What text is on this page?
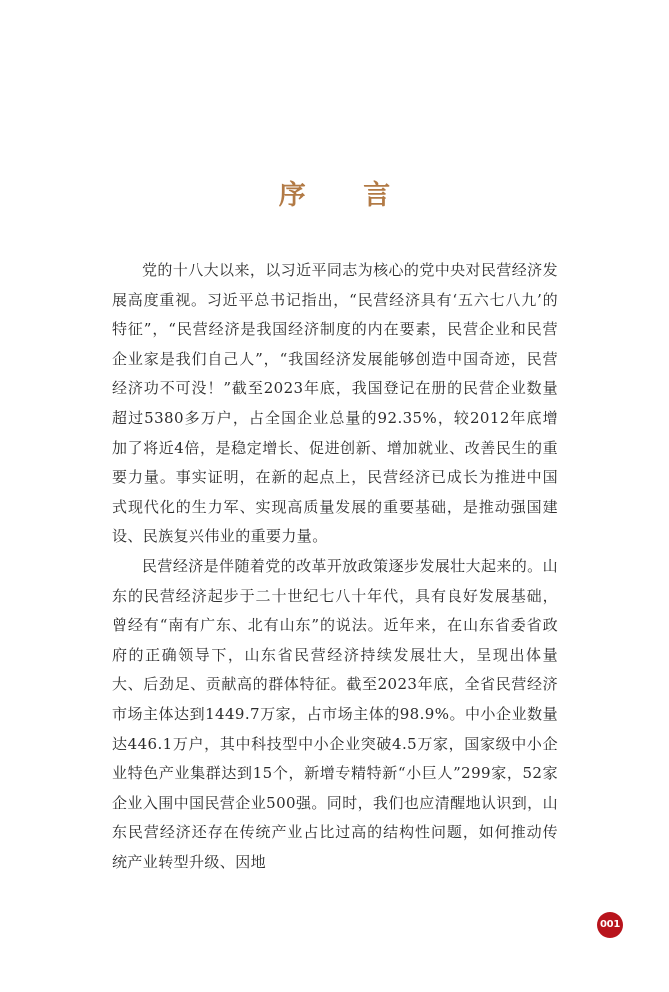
序 言

党的十八大以来，以习近平同志为核心的党中央对民营经济发展高度重视。习近平总书记指出，“民营经济具有‘五六七八九’的特征”，“民营经济是我国经济制度的内在要素，民营企业和民营企业家是我们自己人”，“我国经济发展能够创造中国奇迹，民营经济功不可没！”截至2023年底，我国登记在册的民营企业数量超过5380多万户，占全国企业总量的92.35%，较2012年底增加了将近4倍，是稳定增长、促进创新、增加就业、改善民生的重要力量。事实证明，在新的起点上，民营经济已成长为推进中国式现代化的生力军、实现高质量发展的重要基础，是推动强国建设、民族复兴伟业的重要力量。

民营经济是伴随着党的改革开放政策逐步发展壮大起来的。山东的民营经济起步于二十世纪七八十年代，具有良好发展基础，曾经有“南有广东、北有山东”的说法。近年来，在山东省委省政府的正确领导下，山东省民营经济持续发展壮大，呈现出体量大、后劲足、贡献高的群体特征。截至2023年底，全省民营经济市场主体达到1449.7万家，占市场主体的98.9%。中小企业数量达446.1万户，其中科技型中小企业突破4.5万家，国家级中小企业特色产业集群达到15个，新增专精特新“小巨人”299家，52家企业入围中国民营企业500强。同时，我们也应清醒地认识到，山东民营经济还存在传统产业占比过高的结构性问题，如何推动传统产业转型升级、因地

001
